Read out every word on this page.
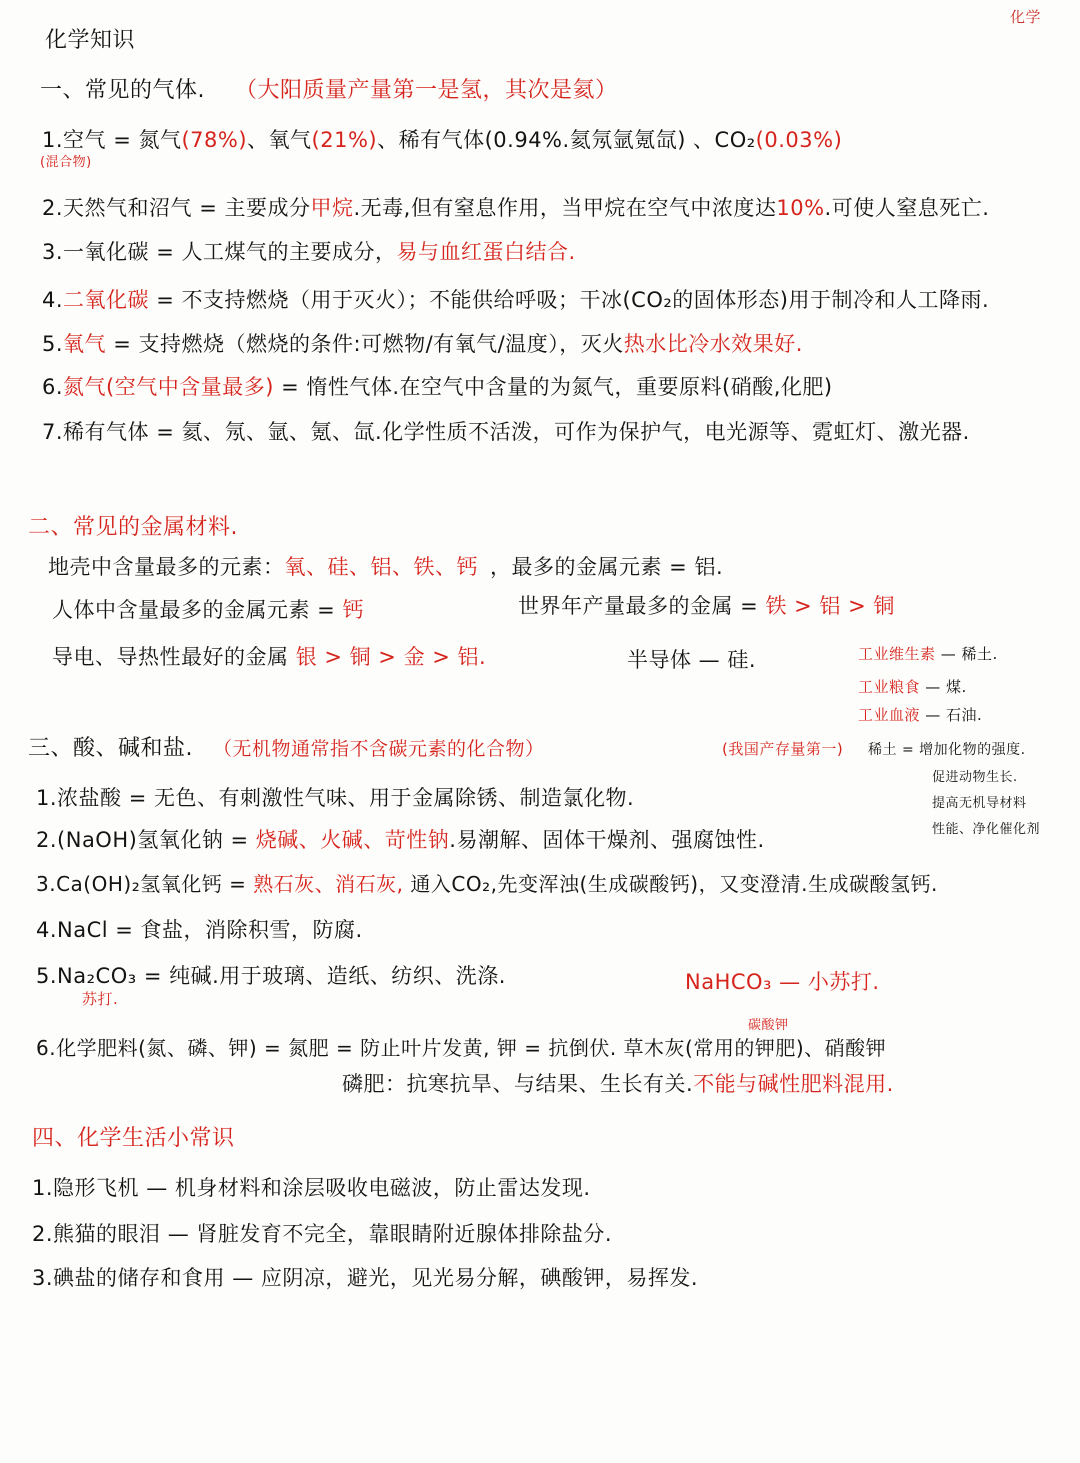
化学知识
化学
一、常见的气体. （大阳质量产量第一是氢，其次是氦）
1.空气 = 氮气(78%)、氧气(21%)、稀有气体(0.94%.氦氖氩氪氙) 、CO₂(0.03%)
(混合物)
2.天然气和沼气 = 主要成分甲烷.无毒,但有窒息作用，当甲烷在空气中浓度达10%.可使人窒息死亡.
3.一氧化碳 = 人工煤气的主要成分，易与血红蛋白结合.
4.二氧化碳 = 不支持燃烧（用于灭火）；不能供给呼吸；干冰(CO₂的固体形态)用于制冷和人工降雨.
5.氧气 = 支持燃烧（燃烧的条件:可燃物/有氧气/温度），灭火热水比冷水效果好.
6.氮气(空气中含量最多) = 惰性气体.在空气中含量的为氮气，重要原料(硝酸,化肥)
7.稀有气体 = 氦、氖、氩、氪、氙.化学性质不活泼，可作为保护气，电光源等、霓虹灯、激光器.
二、常见的金属材料.
地壳中含量最多的元素：氧、硅、铝、铁、钙 ，最多的金属元素 = 铝.
人体中含量最多的金属元素 = 钙	世界年产量最多的金属 = 铁 > 铝 > 铜
导电、导热性最好的金属 银 > 铜 > 金 > 铝.	半导体 — 硅.	工业维生素 — 稀土.
工业粮食 — 煤.
工业血液 — 石油.
三、酸、碱和盐. （无机物通常指不含碳元素的化合物）	(我国产存量第一) 稀土 = 增加化物的强度.
促进动物生长.
提高无机导材料
性能、净化催化剂
1.浓盐酸 = 无色、有刺激性气味、用于金属除锈、制造氯化物.
2.(NaOH)氢氧化钠 = 烧碱、火碱、苛性钠.易潮解、固体干燥剂、强腐蚀性.
3.Ca(OH)₂氢氧化钙 = 熟石灰、消石灰, 通入CO₂,先变浑浊(生成碳酸钙)，又变澄清.生成碳酸氢钙.
4.NaCl = 食盐，消除积雪，防腐.
5.Na₂CO₃ = 纯碱.用于玻璃、造纸、纺织、洗涤.
苏打.
NaHCO₃ — 小苏打.
碳酸钾
6.化学肥料(氮、磷、钾) = 氮肥 = 防止叶片发黄, 钾 = 抗倒伏. 草木灰(常用的钾肥)、硝酸钾
磷肥：抗寒抗旱、与结果、生长有关.不能与碱性肥料混用.
四、化学生活小常识
1.隐形飞机 — 机身材料和涂层吸收电磁波，防止雷达发现.
2.熊猫的眼泪 — 肾脏发育不完全，靠眼睛附近腺体排除盐分.
3.碘盐的储存和食用 — 应阴凉，避光，见光易分解，碘酸钾，易挥发.
